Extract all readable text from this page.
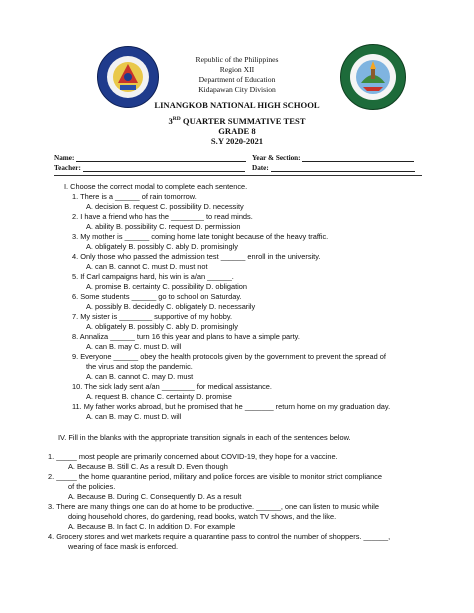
Republic of the Philippines
Region XII
Department of Education
Kidapawan City Division
LINANGKOB NATIONAL HIGH SCHOOL
3RD QUARTER SUMMATIVE TEST
GRADE 8
S.Y 2020-2021
Name:	Year & Section:
Teacher:	Date:
I. Choose the correct modal to complete each sentence.
1. There is a ______ of rain tomorrow.
A. decision B. request C. possibility D. necessity
2. I have a friend who has the ________ to read minds.
A. ability B. possibility C. request D. permission
3. My mother is ______ coming home late tonight because of the heavy traffic.
A. obligately B. possibly C. ably D. promisingly
4. Only those who passed the admission test ______ enroll in the university.
A. can B. cannot C. must D. must not
5. If Carl campaigns hard, his win is a/an ______.
A. promise B. certainty C. possibility D. obligation
6. Some students ______ go to school on Saturday.
A. possibly B. decidedly C. obligately D. necessarily
7. My sister is ________ supportive of my hobby.
A. obligately B. possibly C. ably D. promisingly
8. Annaliza ______ turn 16 this year and plans to have a simple party.
A. can B. may C. must D. will
9. Everyone ______ obey the health protocols given by the government to prevent the spread of
the virus and stop the pandemic.
A. can B. cannot C. may D. must
10. The sick lady sent a/an ________ for medical assistance.
A. request B. chance C. certainty D. promise
11. My father works abroad, but he promised that he _______ return home on my graduation day.
A. can B. may C. must D. will
IV. Fill in the blanks with the appropriate transition signals in each of the sentences below.
1. _____ most people are primarily concerned about COVID-19, they hope for a vaccine.
A. Because B. Still C. As a result D. Even though
2. _____ the home quarantine period, military and police forces are visible to monitor strict compliance
of the policies.
A. Because B. During C. Consequently D. As a result
3. There are many things one can do at home to be productive. ______, one can listen to music while
doing household chores, do gardening, read books, watch TV shows, and the like.
A. Because B. In fact C. In addition D. For example
4. Grocery stores and wet markets require a quarantine pass to control the number of shoppers. ______,
wearing of face mask is enforced.
